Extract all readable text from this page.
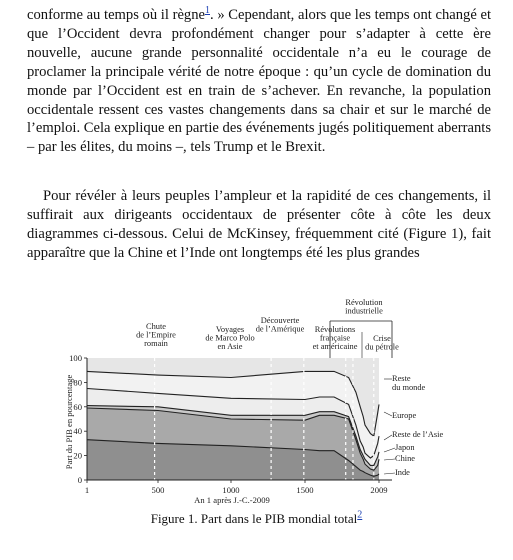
conforme au temps où il règne$^1$. » Cependant, alors que les temps ont changé et que l’Occident devra profondément changer pour s’adapter à cette ère nouvelle, aucune grande personnalité occidentale n’a eu le courage de proclamer la principale vérité de notre époque : qu’un cycle de domination du monde par l’Occident est en train de s’achever. En revanche, la population occidentale ressent ces vastes changements dans sa chair et sur le marché de l’emploi. Cela explique en partie des événements jugés politiquement aberrants – par les élites, du moins –, tels Trump et le Brexit.

Pour révéler à leurs peuples l’ampleur et la rapidité de ces changements, il suffirait aux dirigeants occidentaux de présenter côte à côte les deux diagrammes ci-dessous. Celui de McKinsey, fréquemment cité (Figure 1), fait apparaître que la Chine et l’Inde ont longtemps été les plus grandes

0
20
40
60
80
100
1	500	1000	1500	2009
An 1 après J.-C.-2009
Part du PIB en pourcentage
Chute
de l’Empire
romain
Voyages
de Marco Polo
en Asie
Découverte
de l’Amérique Révolutions
française
et américaine
Révolution
industrielle
Crise
du pétrole
Reste du monde
Europe
Reste de l’Asie
Japon
Chine
Inde
Figure 1. Part dans le PIB mondial total$^2$
